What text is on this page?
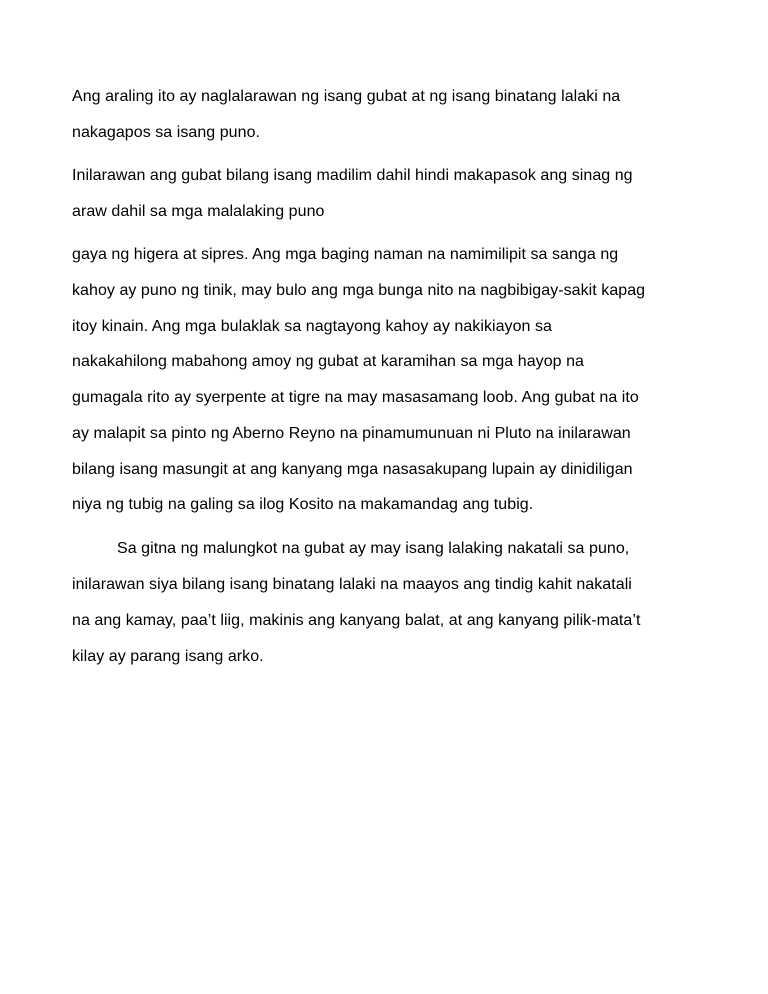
Ang araling ito ay naglalarawan ng isang gubat at ng isang binatang lalaki na
nakagapos sa isang puno.
Inilarawan ang gubat bilang isang madilim dahil hindi makapasok ang sinag ng
araw dahil sa mga malalaking puno
gaya ng higera at sipres. Ang mga baging naman na namimilipit sa sanga ng
kahoy ay puno ng tinik, may bulo ang mga bunga nito na nagbibigay-sakit kapag
itoy kinain. Ang mga bulaklak sa nagtayong kahoy ay nakikiayon sa
nakakahilong mabahong amoy ng gubat at karamihan sa mga hayop na
gumagala rito ay syerpente at tigre na may masasamang loob. Ang gubat na ito
ay malapit sa pinto ng Aberno Reyno na pinamumunuan ni Pluto na inilarawan
bilang isang masungit at ang kanyang mga nasasakupang lupain ay dinidiligan
niya ng tubig na galing sa ilog Kosito na makamandag ang tubig.
Sa gitna ng malungkot na gubat ay may isang lalaking nakatali sa puno,
inilarawan siya bilang isang binatang lalaki na maayos ang tindig kahit nakatali
na ang kamay, paa’t liig, makinis ang kanyang balat, at ang kanyang pilik-mata’t
kilay ay parang isang arko.
